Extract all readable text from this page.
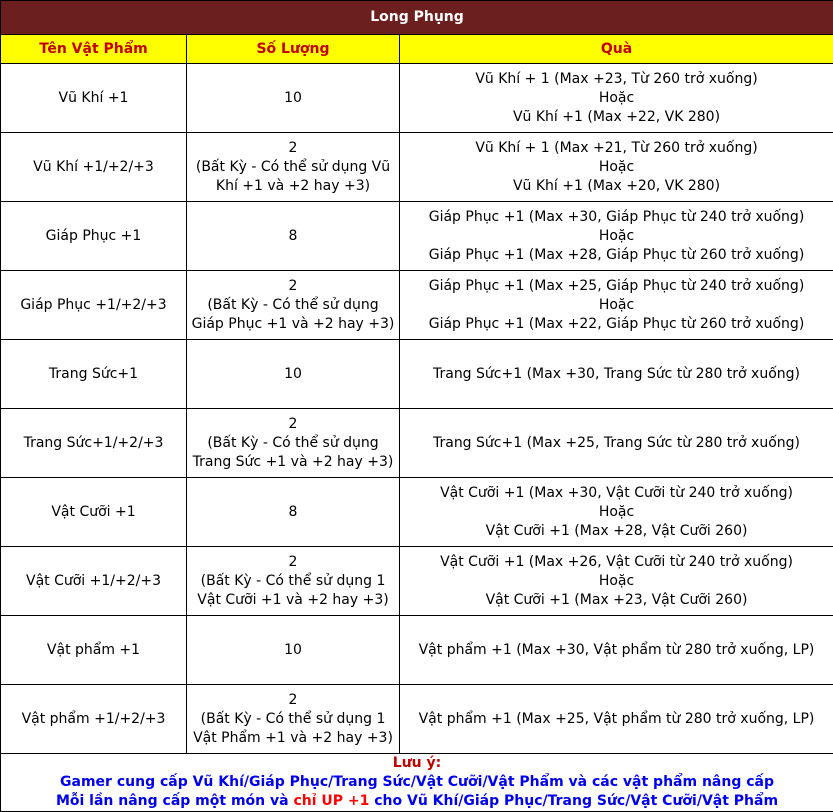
Long Phụng		
Tên Vật Phẩm	Số Lượng	Quà
Vũ Khí +1	10	Vũ Khí + 1 (Max +23, Từ 260 trở xuống)
Hoặc
Vũ Khí +1 (Max +22, VK 280)
Vũ Khí +1/+2/+3	2
(Bất Kỳ - Có thể sử dụng Vũ
Khí +1 và +2 hay +3)	Vũ Khí + 1 (Max +21, Từ 260 trở xuống)
Hoặc
Vũ Khí +1 (Max +20, VK 280)
Giáp Phục +1	8	Giáp Phục +1 (Max +30, Giáp Phục từ 240 trở xuống)
Hoặc
Giáp Phục +1 (Max +28, Giáp Phục từ 260 trở xuống)
Giáp Phục +1/+2/+3	2
(Bất Kỳ - Có thể sử dụng
Giáp Phục +1 và +2 hay +3)	Giáp Phục +1 (Max +25, Giáp Phục từ 240 trở xuống)
Hoặc
Giáp Phục +1 (Max +22, Giáp Phục từ 260 trở xuống)
Trang Sức+1	10	Trang Sức+1 (Max +30, Trang Sức từ 280 trở xuống)
Trang Sức+1/+2/+3	2
(Bất Kỳ - Có thể sử dụng
Trang Sức +1 và +2 hay +3)	Trang Sức+1 (Max +25, Trang Sức từ 280 trở xuống)
Vật Cưỡi +1	8	Vật Cưỡi +1 (Max +30, Vật Cưỡi từ 240 trở xuống)
Hoặc
Vật Cưỡi +1 (Max +28, Vật Cưỡi 260)
Vật Cưỡi +1/+2/+3	2
(Bất Kỳ - Có thể sử dụng 1
Vật Cưỡi +1 và +2 hay +3)	Vật Cưỡi +1 (Max +26, Vật Cưỡi từ 240 trở xuống)
Hoặc
Vật Cưỡi +1 (Max +23, Vật Cưỡi 260)
Vật phẩm +1	10	Vật phẩm +1 (Max +30, Vật phẩm từ 280 trở xuống, LP)
Vật phẩm +1/+2/+3	2
(Bất Kỳ - Có thể sử dụng 1
Vật Phẩm +1 và +2 hay +3)	Vật phẩm +1 (Max +25, Vật phẩm từ 280 trở xuống, LP)

Lưu ý:
Gamer cung cấp Vũ Khí/Giáp Phục/Trang Sức/Vật Cưỡi/Vật Phẩm và các vật phẩm nâng cấp
Mỗi lần nâng cấp một món và chỉ UP +1 cho Vũ Khí/Giáp Phục/Trang Sức/Vật Cưỡi/Vật Phẩm		
